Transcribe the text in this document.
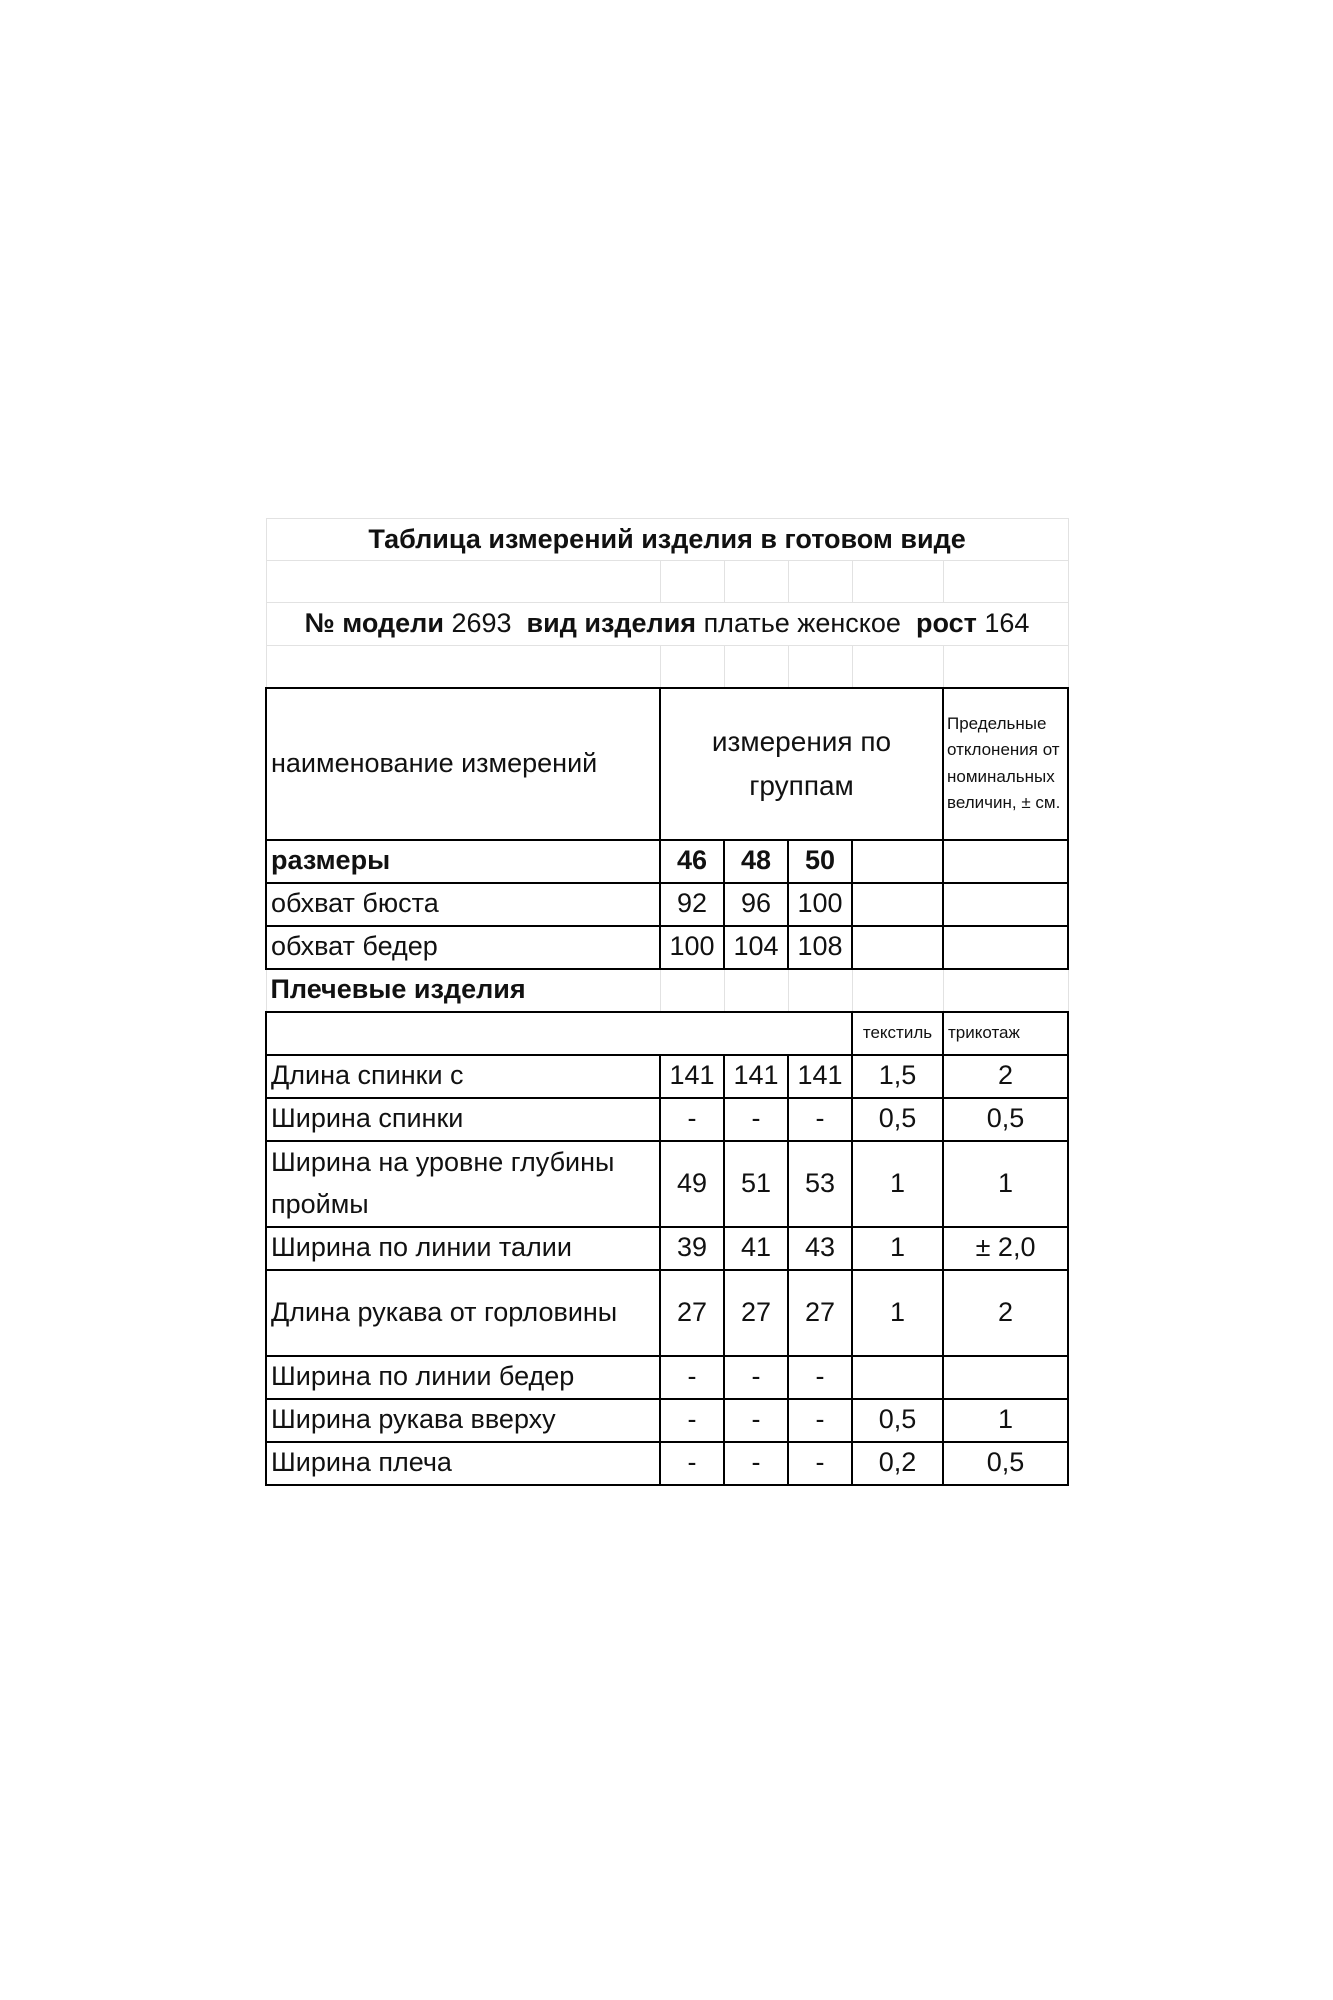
Таблица измерений изделия в готовом виде					

№ модели 2693 вид изделия платье женское рост 164					

наименование измерений	измерения по группам				Предельные отклонения от номинальных величин, ± см.
размеры	46	48	50		
обхват бюста	92	96	100		
обхват бедер	100	104	108		
Плечевые изделия					
				текстиль	трикотаж
Длина спинки с	141	141	141	1,5	2
Ширина спинки	-	-	-	0,5	0,5
Ширина на уровне глубины проймы	49	51	53	1	1
Ширина по линии талии	39	41	43	1	± 2,0
Длина рукава от горловины	27	27	27	1	2
Ширина по линии бедер	-	-	-		
Ширина рукава вверху	-	-	-	0,5	1
Ширина плеча	-	-	-	0,2	0,5
